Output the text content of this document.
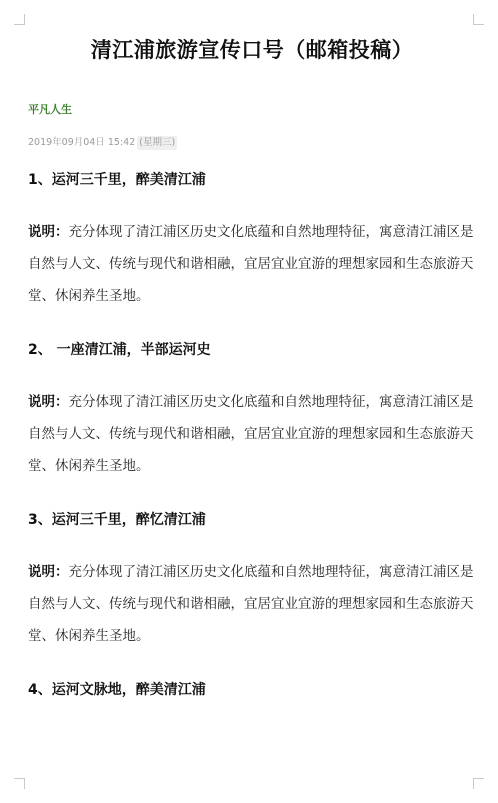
清江浦旅游宣传口号（邮箱投稿）
平凡人生
2019年09月04日 15:42 (星期三)

1、运河三千里，醉美清江浦

说明：充分体现了清江浦区历史文化底蕴和自然地理特征，寓意清江浦区是自然与人文、传统与现代和谐相融，宜居宜业宜游的理想家园和生态旅游天堂、休闲养生圣地。

2、 一座清江浦，半部运河史

说明：充分体现了清江浦区历史文化底蕴和自然地理特征，寓意清江浦区是自然与人文、传统与现代和谐相融，宜居宜业宜游的理想家园和生态旅游天堂、休闲养生圣地。

3、运河三千里，醉忆清江浦

说明：充分体现了清江浦区历史文化底蕴和自然地理特征，寓意清江浦区是自然与人文、传统与现代和谐相融，宜居宜业宜游的理想家园和生态旅游天堂、休闲养生圣地。

4、运河文脉地，醉美清江浦
